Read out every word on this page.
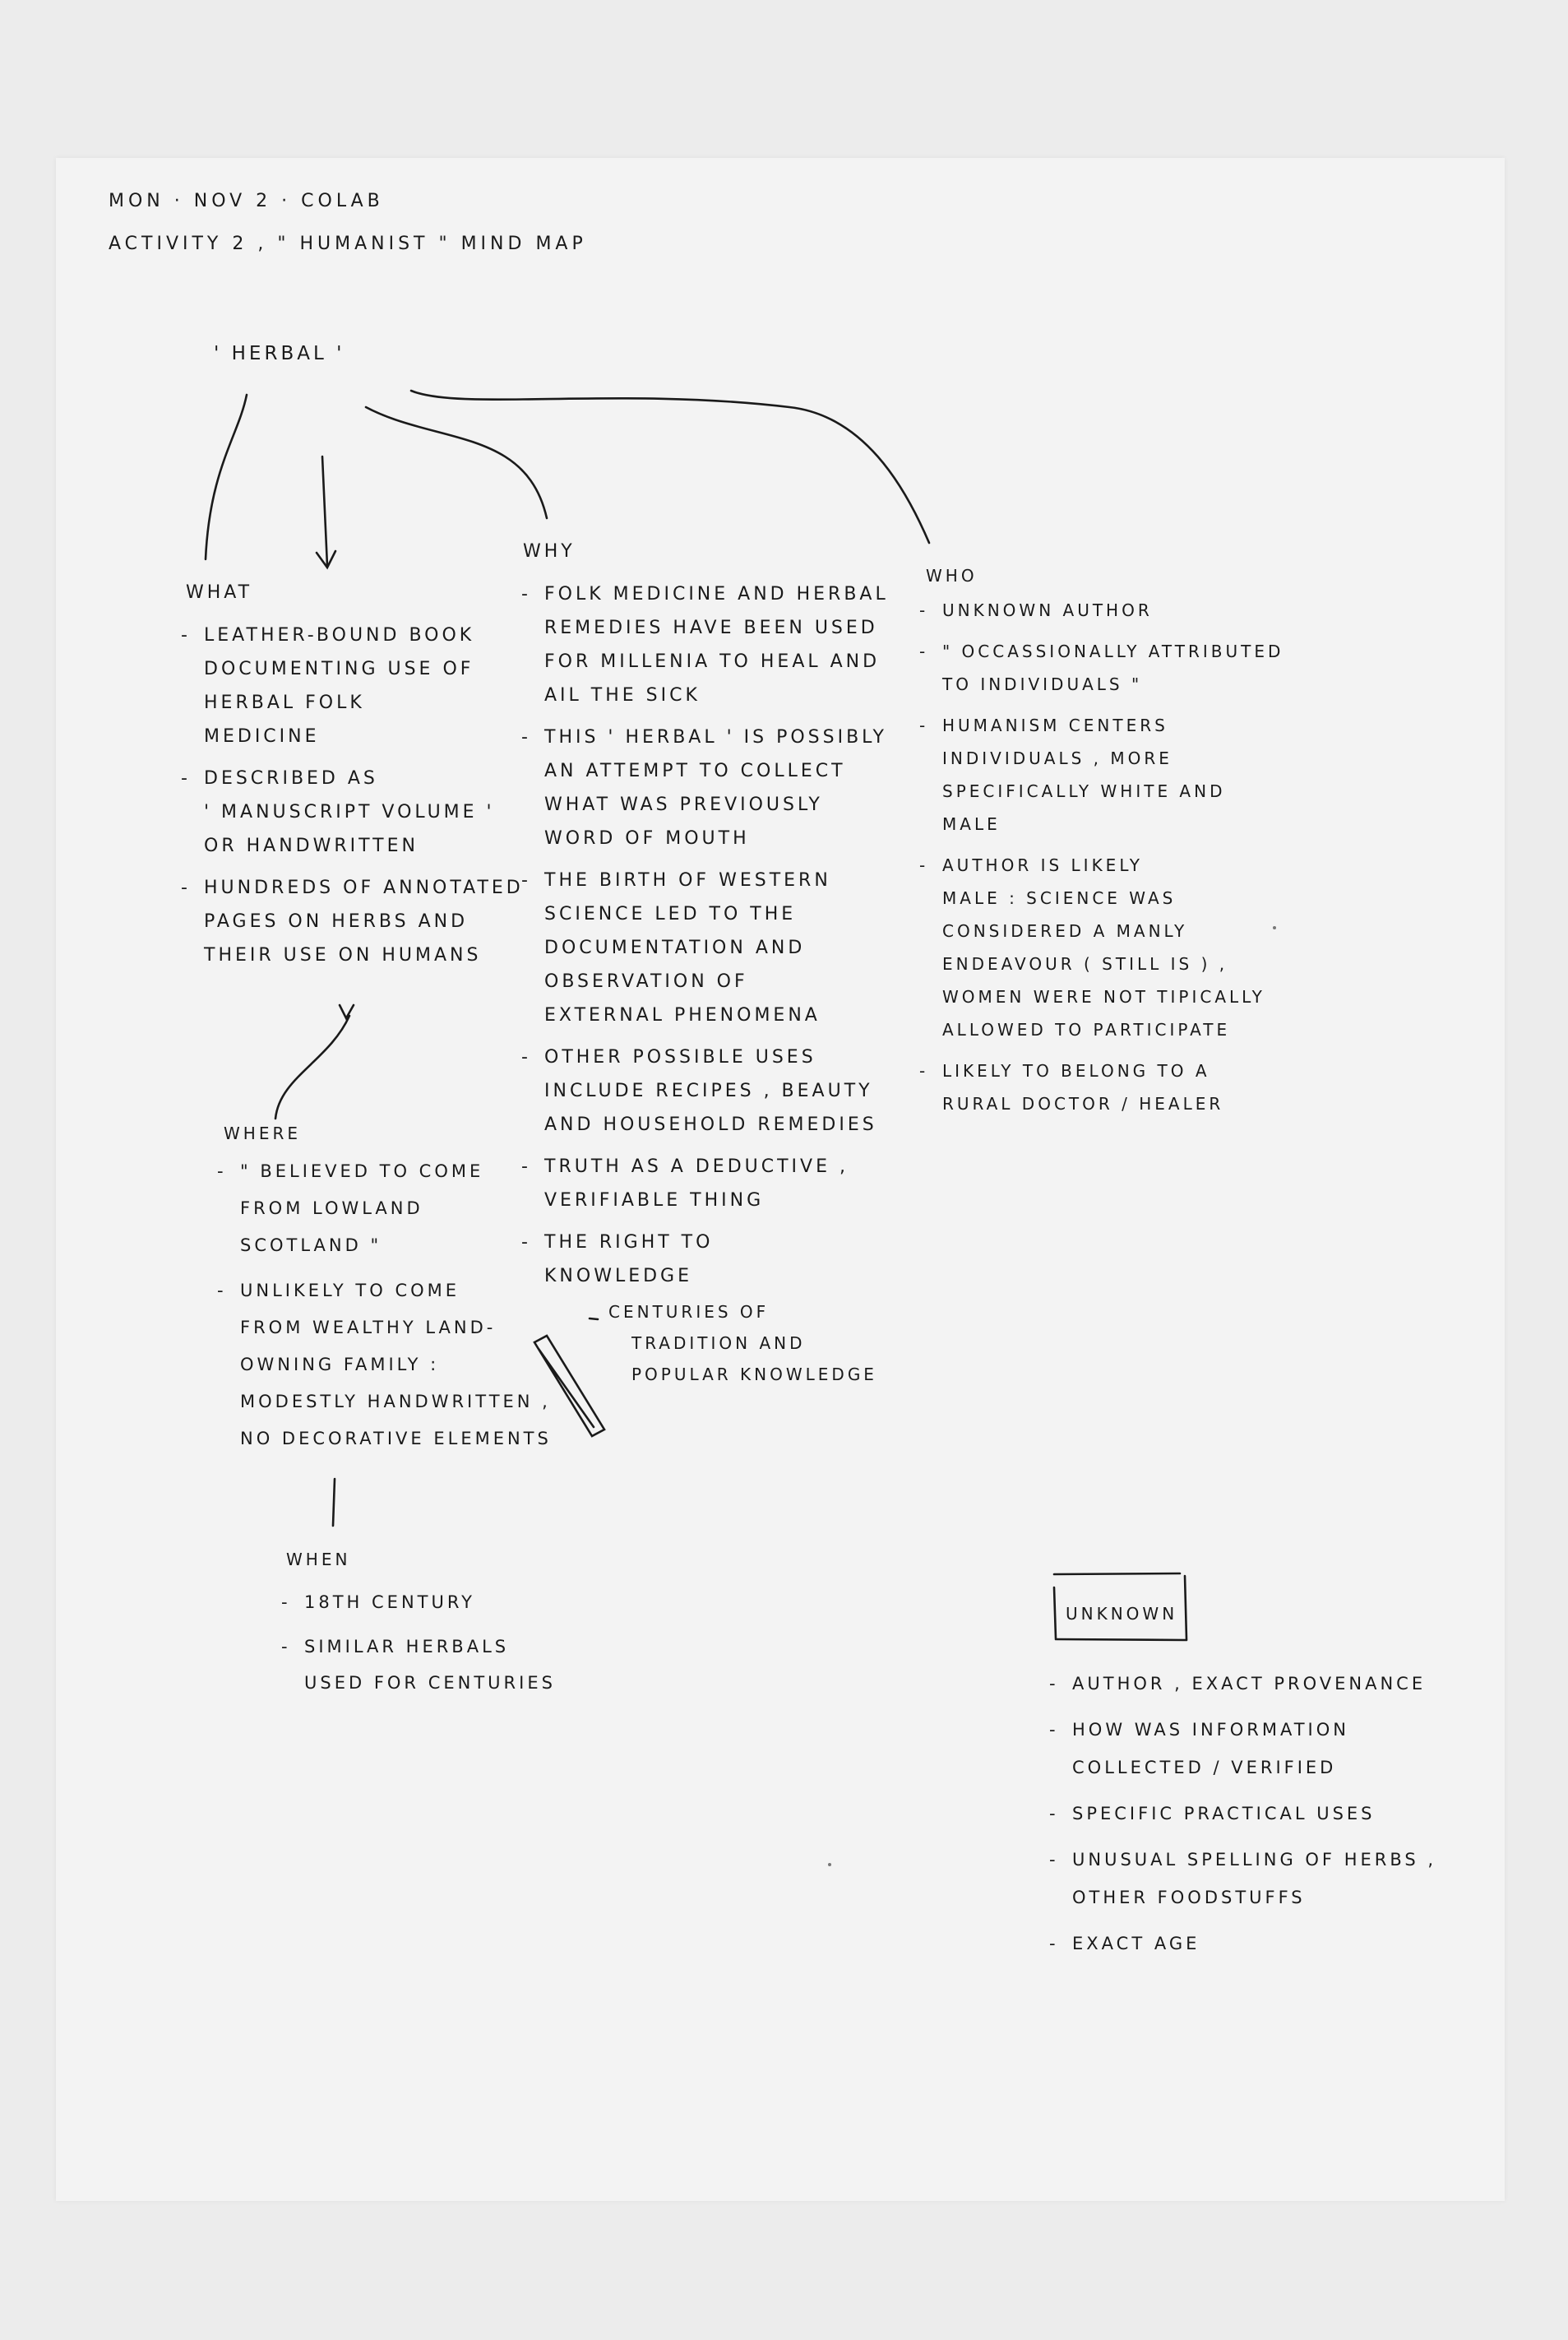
MON · NOV 2 · COLAB
ACTIVITY 2 , " HUMANIST " MIND MAP
' HERBAL '
WHAT

- LEATHER-BOUND BOOK
DOCUMENTING USE OF
HERBAL FOLK
MEDICINE

- DESCRIBED AS
' MANUSCRIPT VOLUME '
OR HANDWRITTEN

- HUNDREDS OF ANNOTATED
PAGES ON HERBS AND
THEIR USE ON HUMANS

WHY

- FOLK MEDICINE AND HERBAL
REMEDIES HAVE BEEN USED
FOR MILLENIA TO HEAL AND
AIL THE SICK

- THIS ' HERBAL ' IS POSSIBLY
AN ATTEMPT TO COLLECT
WHAT WAS PREVIOUSLY
WORD OF MOUTH

- THE BIRTH OF WESTERN
SCIENCE LED TO THE
DOCUMENTATION AND
OBSERVATION OF
EXTERNAL PHENOMENA

- OTHER POSSIBLE USES
INCLUDE RECIPES , BEAUTY
AND HOUSEHOLD REMEDIES

- TRUTH AS A DEDUCTIVE ,
VERIFIABLE THING

- THE RIGHT TO
KNOWLEDGE

CENTURIES OF
TRADITION AND
POPULAR KNOWLEDGE

WHO

- UNKNOWN AUTHOR

- " OCCASSIONALLY ATTRIBUTED
TO INDIVIDUALS "

- HUMANISM CENTERS
INDIVIDUALS , MORE
SPECIFICALLY WHITE AND
MALE

- AUTHOR IS LIKELY
MALE : SCIENCE WAS
CONSIDERED A MANLY
ENDEAVOUR ( STILL IS ) ,
WOMEN WERE NOT TIPICALLY
ALLOWED TO PARTICIPATE

- LIKELY TO BELONG TO A
RURAL DOCTOR / HEALER

WHERE

- " BELIEVED TO COME
FROM LOWLAND
SCOTLAND "

- UNLIKELY TO COME
FROM WEALTHY LAND-
OWNING FAMILY :
MODESTLY HANDWRITTEN ,
NO DECORATIVE ELEMENTS

WHEN

- 18TH CENTURY

- SIMILAR HERBALS
USED FOR CENTURIES

UNKNOWN

- AUTHOR , EXACT PROVENANCE

- HOW WAS INFORMATION
COLLECTED / VERIFIED

- SPECIFIC PRACTICAL USES

- UNUSUAL SPELLING OF HERBS ,
OTHER FOODSTUFFS

- EXACT AGE
